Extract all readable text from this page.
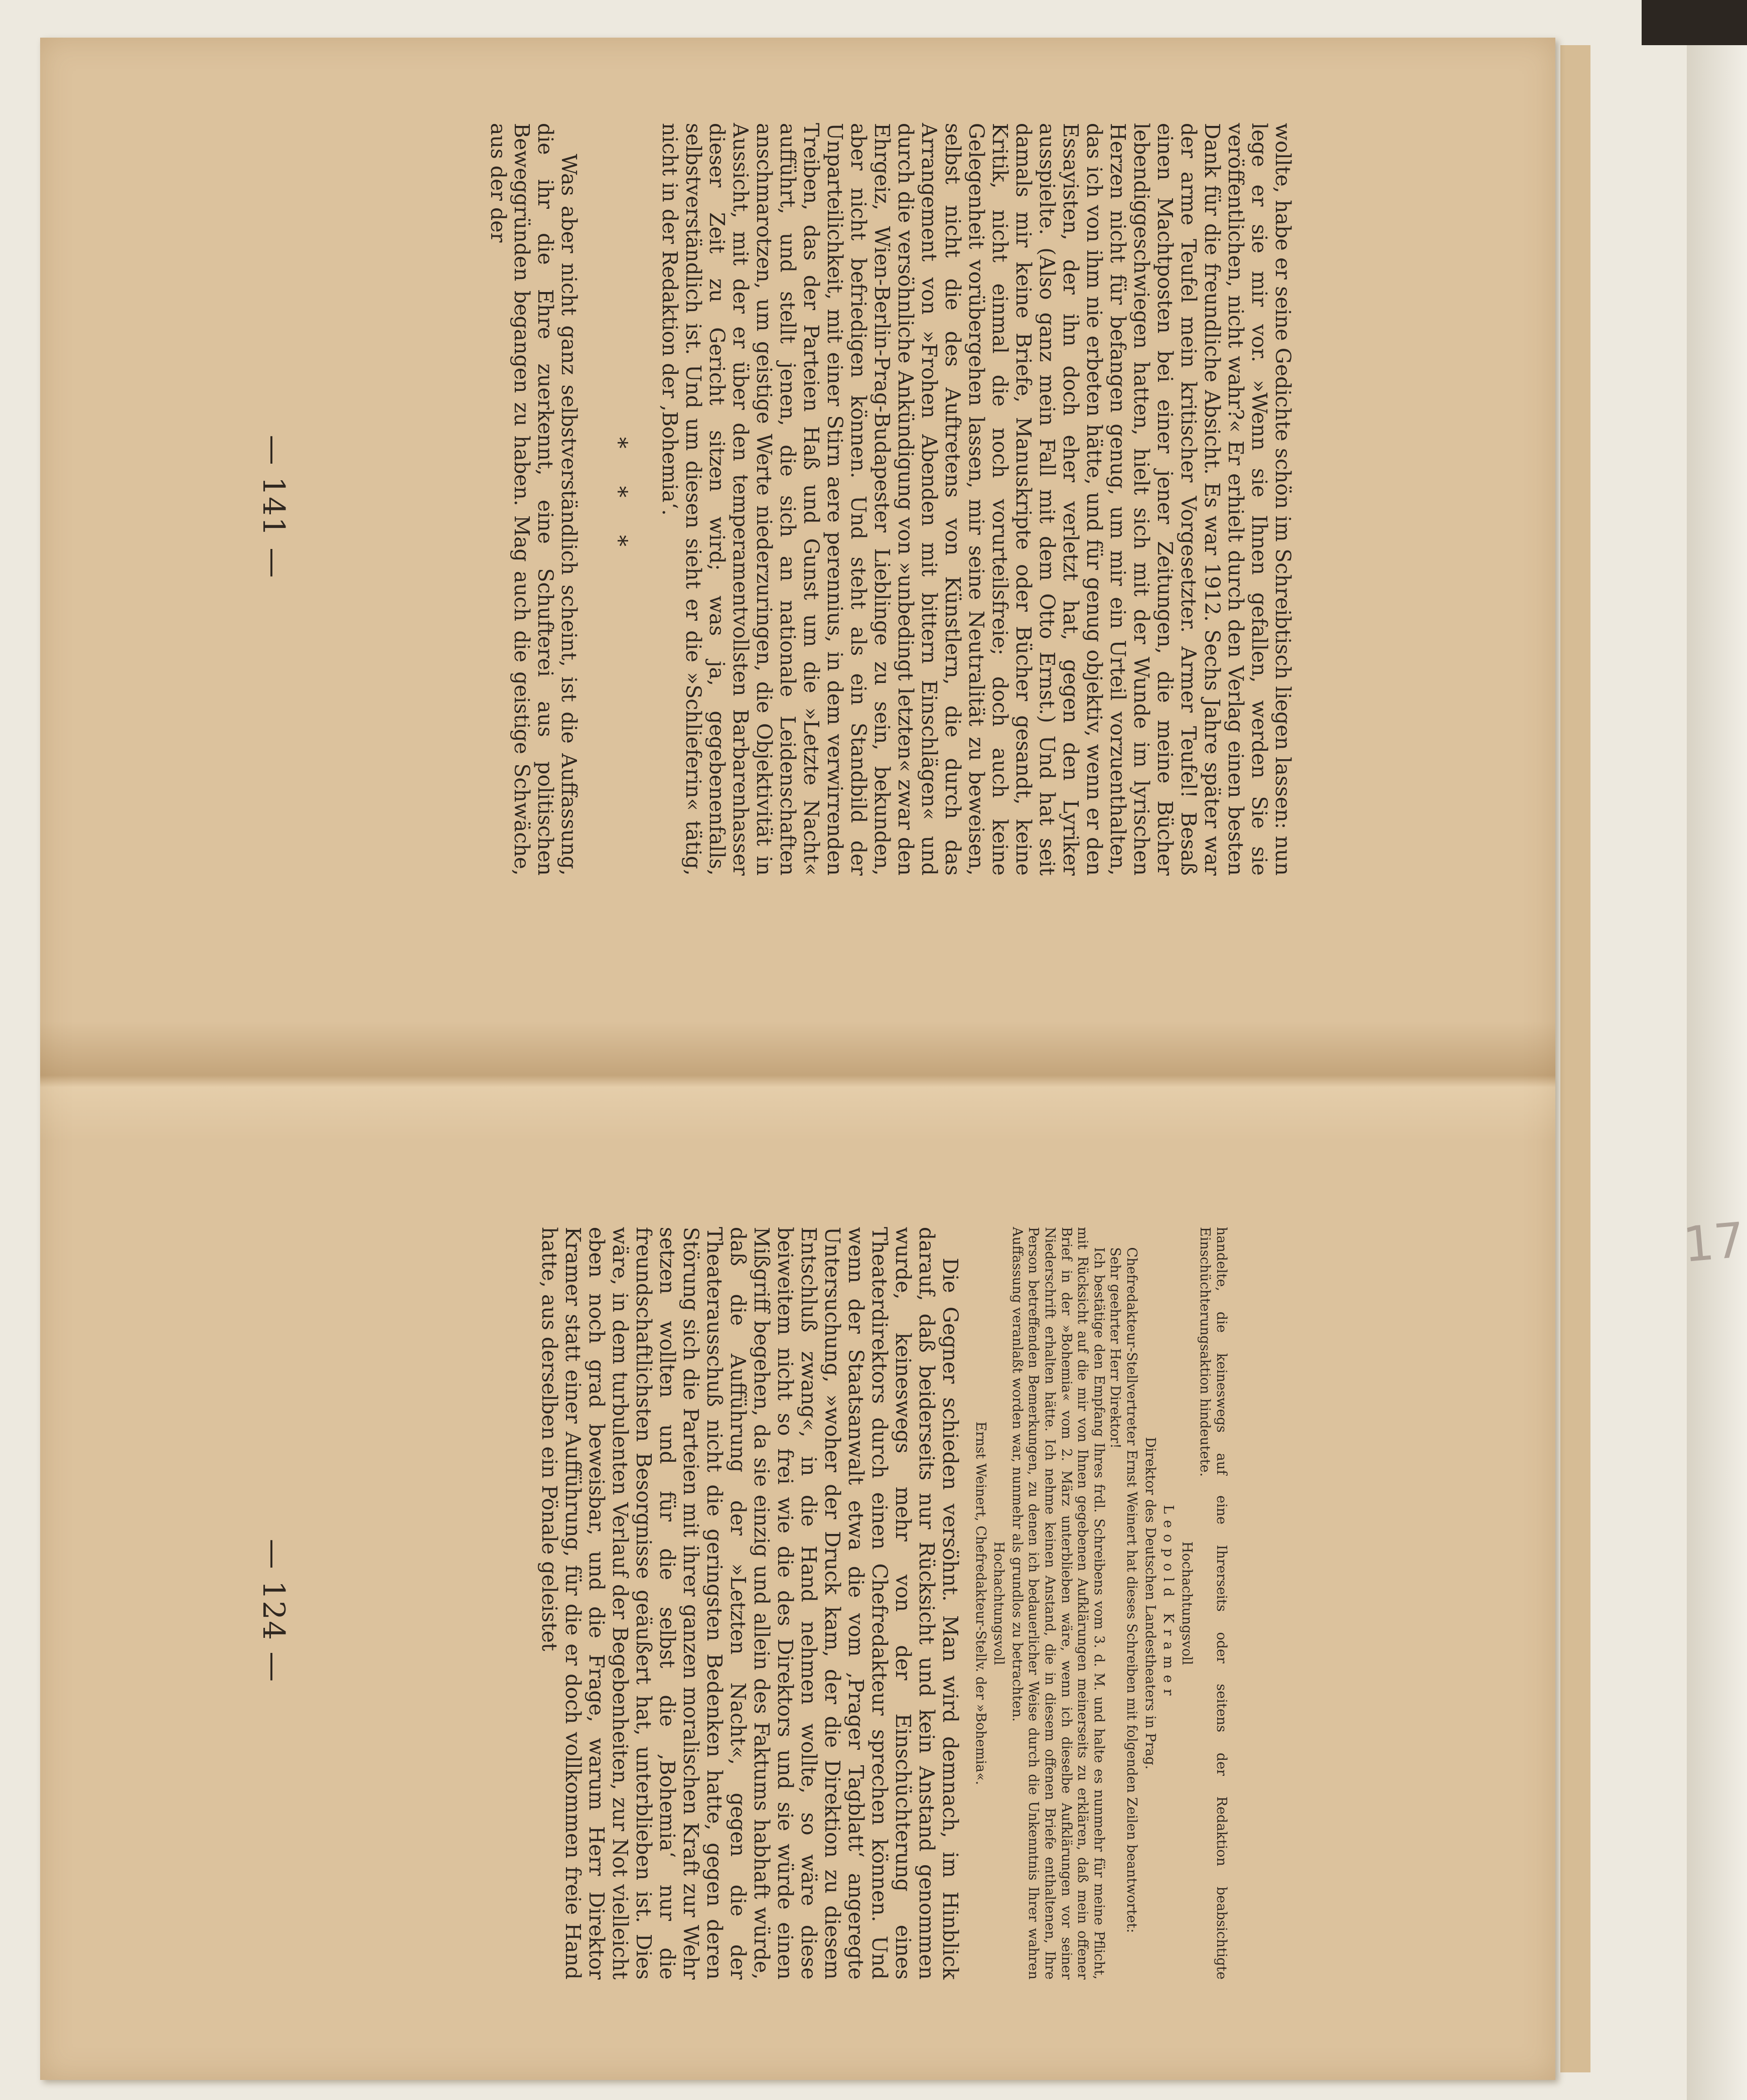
handelte, die keineswegs auf eine Ihrerseits oder seitens der Redaktion beabsichtigte Einschüchterungsaktion hindeutete.

Hochachtungsvoll

Leopold Kramer

Direktor des Deutschen Landestheaters in Prag.

Chefredakteur-Stellvertreter Ernst Weinert hat dieses Schreiben mit folgenden Zeilen beantwortet:

Sehr geehrter Herr Direktor!

Ich bestätige den Empfang Ihres frdl. Schreibens vom 3. d. M. und halte es nunmehr für meine Pflicht, mit Rücksicht auf die mir von Ihnen gegebenen Aufklärungen meinerseits zu erklären, daß mein offener Brief in der »Bohemia« vom 2. März unterblieben wäre, wenn ich dieselbe Aufklärungen vor seiner Niederschrift erhalten hätte. Ich nehme keinen Anstand, die in diesem offenen Briefe enthaltenen, Ihre Person betreffenden Bemerkungen, zu denen ich bedauerlicher Weise durch die Unkenntnis Ihrer wahren Auffassung veranlaßt worden war, nunmehr als grundlos zu betrachten.

Hochachtungsvoll

Ernst Weinert, Chefredakteur-Stellv. der »Bohemia«.

Die Gegner schieden versöhnt. Man wird demnach, im Hinblick darauf, daß beiderseits nur Rücksicht und kein Anstand genommen wurde, keineswegs mehr von der Einschüchterung eines Theaterdirektors durch einen Chefredakteur sprechen können. Und wenn der Staatsanwalt etwa die vom ‚Prager Tagblatt‘ angeregte Untersuchung, »woher der Druck kam, der die Direktion zu diesem Entschluß zwang«, in die Hand nehmen wollte, so wäre diese beiweitem nicht so frei wie die des Direktors und sie würde einen Mißgriff begehen, da sie einzig und allein des Faktums habhaft würde, daß die Aufführung der »Letzten Nacht«, gegen die der Theaterausschuß nicht die geringsten Bedenken hatte, gegen deren Störung sich die Parteien mit ihrer ganzen moralischen Kraft zur Wehr setzen wollten und für die selbst die ‚Bohemia‘ nur die freundschaftlichsten Besorgnisse geäußert hat, unterblieben ist. Dies wäre, in dem turbulenten Verlauf der Begebenheiten, zur Not vielleicht eben noch grad beweisbar, und die Frage, warum Herr Direktor Kramer statt einer Aufführung, für die er doch vollkommen freie Hand hatte, aus derselben ein Pönale geleistet

— 124 —

wollte, habe er seine Gedichte schön im Schreibtisch liegen lassen: nun lege er sie mir vor. »Wenn sie Ihnen gefallen, werden Sie sie veröffentlichen, nicht wahr?« Er erhielt durch den Verlag einen besten Dank für die freundliche Absicht. Es war 1912. Sechs Jahre später war der arme Teufel mein kritischer Vorgesetzter. Armer Teufel! Besaß einen Machtposten bei einer jener Zeitungen, die meine Bücher lebendiggeschwiegen hatten, hielt sich mit der Wunde im lyrischen Herzen nicht für befangen genug, um mir ein Urteil vorzuenthalten, das ich von ihm nie erbeten hätte, und für genug objektiv, wenn er den Essayisten, der ihn doch eher verletzt hat, gegen den Lyriker ausspielte. (Also ganz mein Fall mit dem Otto Ernst.) Und hat seit damals mir keine Briefe, Manuskripte oder Bücher gesandt, keine Kritik, nicht einmal die noch vorurteilsfreie; doch auch keine Gelegenheit vorübergehen lassen, mir seine Neutralität zu beweisen, selbst nicht die des Auftretens von Künstlern, die durch das Arrangement von »Frohen Abenden mit bittern Einschlägen« und durch die versöhnliche Ankündigung von »unbedingt letzten« zwar den Ehrgeiz, Wien-Berlin-Prag-Budapester Lieblinge zu sein, bekunden, aber nicht befriedigen können. Und steht als ein Standbild der Unparteilichkeit, mit einer Stirn aere perennius, in dem verwirrenden Treiben, das der Parteien Haß und Gunst um die »Letzte Nacht« aufführt, und stellt jenen, die sich an nationale Leidenschaften anschmarotzen, um geistige Werte niederzuringen, die Objektivität in Aussicht, mit der er über den temperamentvollsten Barbarenhasser dieser Zeit zu Gericht sitzen wird; was ja, gegebenenfalls, selbstverständlich ist. Und um diesen sieht er die »Schlieferin« tätig, nicht in der Redaktion der ‚Bohemia‘.

* * *

Was aber nicht ganz selbstverständlich scheint, ist die Auffassung, die ihr die Ehre zuerkennt, eine Schufterei aus politischen Beweggründen begangen zu haben. Mag auch die geistige Schwäche, aus der der

— 141 —
17
